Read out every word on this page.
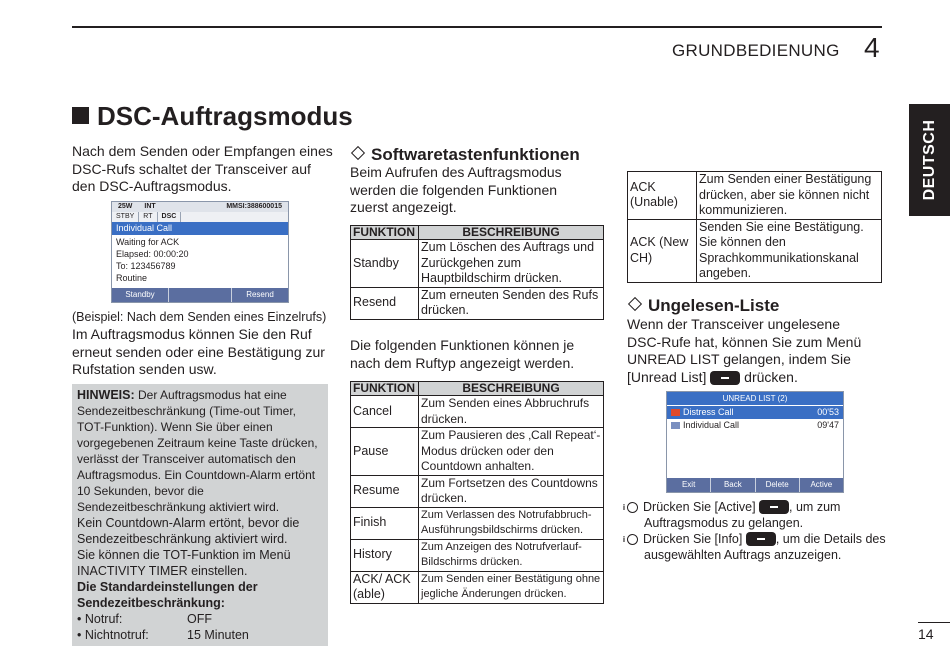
GRUNDBEDIENUNG 4
DEUTSCH
DSC-Auftragsmodus
Nach dem Senden oder Empfangen eines DSC-Rufs schaltet der Transceiver auf den DSC-Auftragsmodus.
25W	INT	MMSI:388600015
STBY	RT	DSC
Individual Call
Waiting for ACK
Elapsed: 00:00:20
To: 123456789
Routine
Standby	Resend
(Beispiel: Nach dem Senden eines Einzelrufs)
Im Auftragsmodus können Sie den Ruf erneut senden oder eine Bestätigung zur Rufstation senden usw.
HINWEIS: Der Auftragsmodus hat eine Sendezeitbeschränkung (Time-out Timer, TOT-Funktion). Wenn Sie über einen vorgegebenen Zeitraum keine Taste drücken, verlässt der Transceiver automatisch den Auftragsmodus. Ein Countdown-Alarm ertönt 10 Sekunden, bevor die Sendezeitbeschränkung aktiviert wird.
Kein Countdown-Alarm ertönt, bevor die Sendezeitbeschränkung aktiviert wird.
Sie können die TOT-Funktion im Menü INACTIVITY TIMER einstellen.
Die Standardeinstellungen der Sendezeitbeschränkung:
• Notruf:	OFF
• Nichtnotruf:	15 Minuten
Softwaretastenfunktionen
Beim Aufrufen des Auftragsmodus werden die folgenden Funktionen zuerst angezeigt.
FUNKTION	BESCHREIBUNG
Standby	Zum Löschen des Auftrags und Zurückgehen zum Hauptbildschirm drücken.
Resend	Zum erneuten Senden des Rufs drücken.
Die folgenden Funktionen können je nach dem Ruftyp angezeigt werden.
FUNKTION	BESCHREIBUNG
Cancel	Zum Senden eines Abbruchrufs drücken.
Pause	Zum Pausieren des ‚Call Repeat‘-Modus drücken oder den Countdown anhalten.
Resume	Zum Fortsetzen des Countdowns drücken.
Finish	Zum Verlassen des Notrufabbruch-Ausführungsbildschirms drücken.
History	Zum Anzeigen des Notrufverlauf-Bildschirms drücken.
ACK/ ACK (able)	Zum Senden einer Bestätigung ohne jegliche Änderungen drücken.
ACK (Unable)	Zum Senden einer Bestätigung drücken, aber sie können nicht kommunizieren.
ACK (New CH)	Senden Sie eine Bestätigung. Sie können den Sprachkommunikationskanal angeben.
Ungelesen-Liste
Wenn der Transceiver ungelesene DSC-Rufe hat, können Sie zum Menü UNREAD LIST gelangen, indem Sie [Unread List]  drücken.
UNREAD LIST (2)
Distress Call	00'53
Individual Call	09'47
Exit	Back	Delete	Active
i Drücken Sie [Active]	, um zum Auftragsmodus zu gelangen.
i Drücken Sie [Info]	, um die Details des ausgewählten Auftrags anzuzeigen.
14
